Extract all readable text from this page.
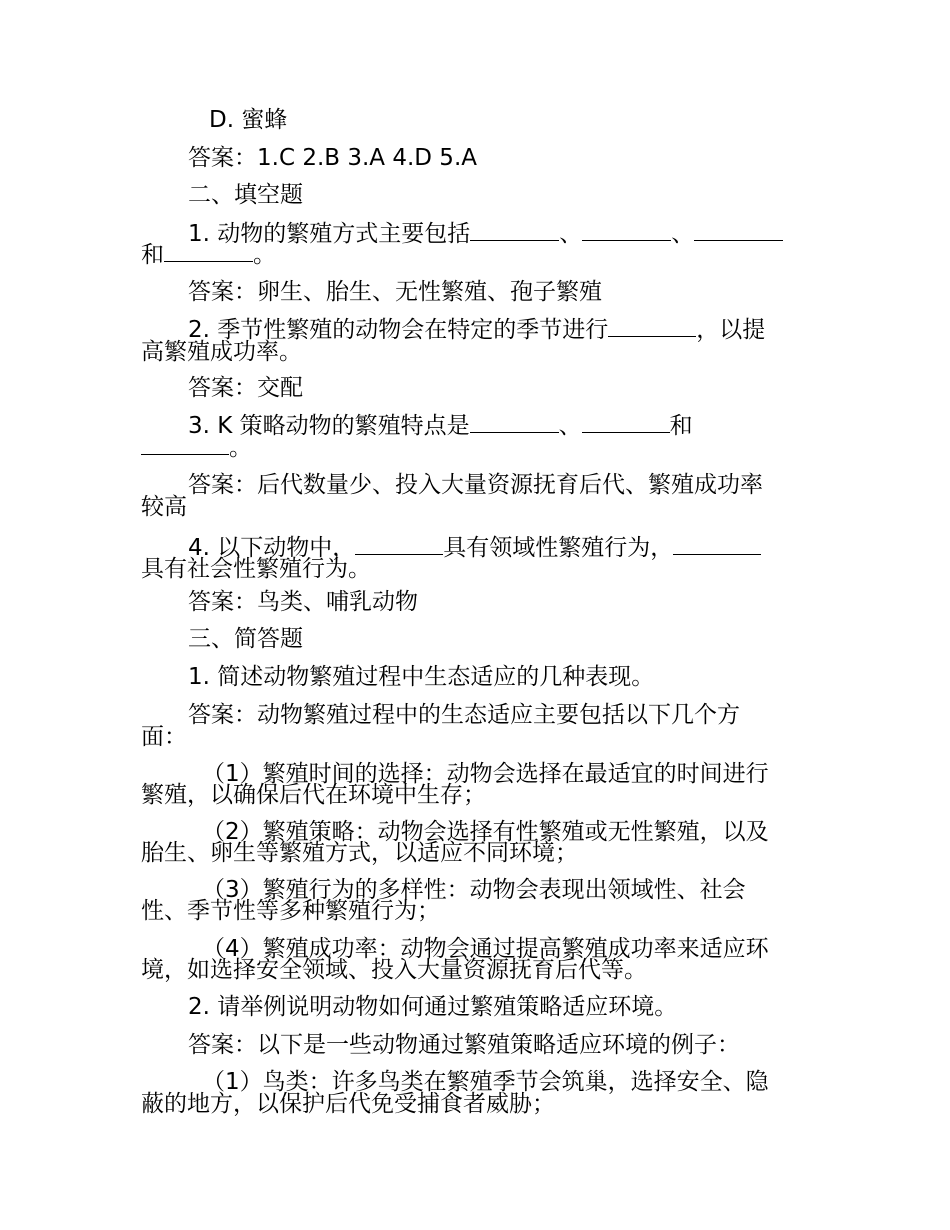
D. 蜜蜂

答案：1.C 2.B 3.A 4.D 5.A

二、填空题

1. 动物的繁殖方式主要包括	、	、

和	。

答案：卵生、胎生、无性繁殖、孢子繁殖

2. 季节性繁殖的动物会在特定的季节进行	，以提

高繁殖成功率。

答案：交配

3. K 策略动物的繁殖特点是	、	和

。

答案：后代数量少、投入大量资源抚育后代、繁殖成功率

较高

4. 以下动物中，	具有领域性繁殖行为，

具有社会性繁殖行为。

答案：鸟类、哺乳动物

三、简答题

1. 简述动物繁殖过程中生态适应的几种表现。

答案：动物繁殖过程中的生态适应主要包括以下几个方

面：

（1）繁殖时间的选择：动物会选择在最适宜的时间进行

繁殖，以确保后代在环境中生存；

（2）繁殖策略：动物会选择有性繁殖或无性繁殖，以及

胎生、卵生等繁殖方式，以适应不同环境；

（3）繁殖行为的多样性：动物会表现出领域性、社会

性、季节性等多种繁殖行为；

（4）繁殖成功率：动物会通过提高繁殖成功率来适应环

境，如选择安全领域、投入大量资源抚育后代等。

2. 请举例说明动物如何通过繁殖策略适应环境。

答案：以下是一些动物通过繁殖策略适应环境的例子：

（1）鸟类：许多鸟类在繁殖季节会筑巢，选择安全、隐

蔽的地方，以保护后代免受捕食者威胁；
